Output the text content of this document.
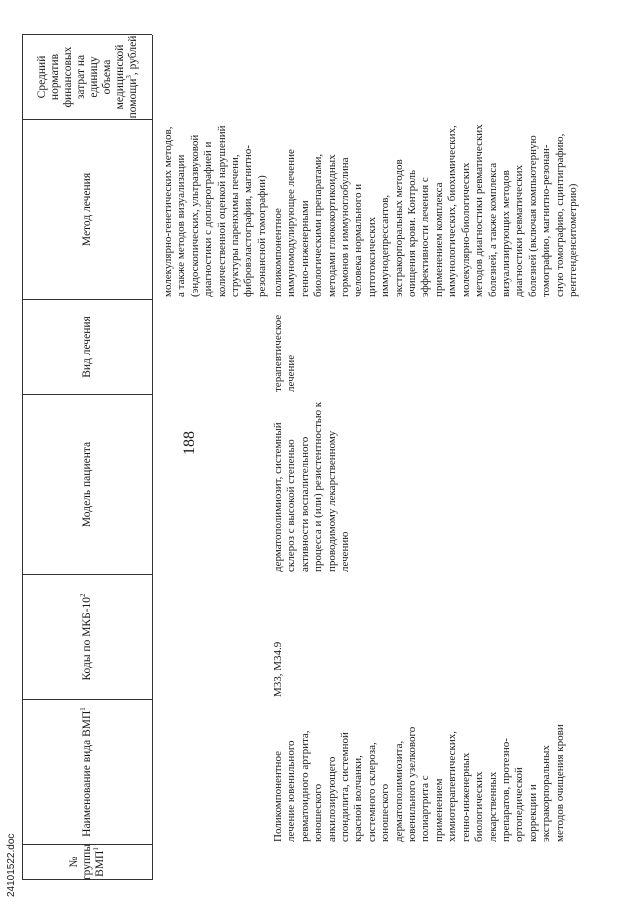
188
24101522.doc	№
группы
ВМП$^1$
Наименование вида ВМП$^1$
Коды по МКБ-$10^2$
Модель пациента
Вид лечения
Метод лечения
Средний
норматив
финансовых
затрат на единицу
объема
медицинской
помощи$^3$, рублей
молекулярно-генетических методов,
а также методов визуализации
(эндоскопических, ультразвуковой
диагностики с доплерографией и
количественной оценкой нарушений
структуры паренхимы печени,
фибровэластографии, магнитно-
резонансной томографии)
Поликомпонентное
лечение ювенильного
ревматоидного артрита,
юношеского
анкилозирующего
спондилита, системной
красной волчанки,
системного склероза,
юношеского
дерматополимиозита,
ювенильного узелкового
полиартрита с
применением
химиотерапевтических,
генно-инженерных
биологических
лекарственных
препаратов, протезно-
ортопедической
коррекции и
экстракорпоральных
методов очищения крови
M33, M34.9
дерматополимиозит, системный
склероз с высокой степенью
активности воспалительного
процесса и (или) резистентностью к
проводимому лекарственному
лечению
терапевтическое
лечение
поликомпонентное
иммуномодулирующее лечение
генно-инженерными
биологическими препаратами,
методами глюкокортикоидных
гормонов и иммуноглобулина
человека нормального и
цитотоксических
иммунодепрессантов,
экстракорпоральных методов
очищения крови. Контроль
эффективности лечения с
применением комплекса
иммунологических, биохимических,
молекулярно-биологических
методов диагностики ревматических
болезней, а также комплекса
визуализирующих методов
диагностики ревматических
болезней (включая компьютерную
томографию, магнитно-резонан-
сную томографию, сцинтиграфию,
рентгенденситометрию)
